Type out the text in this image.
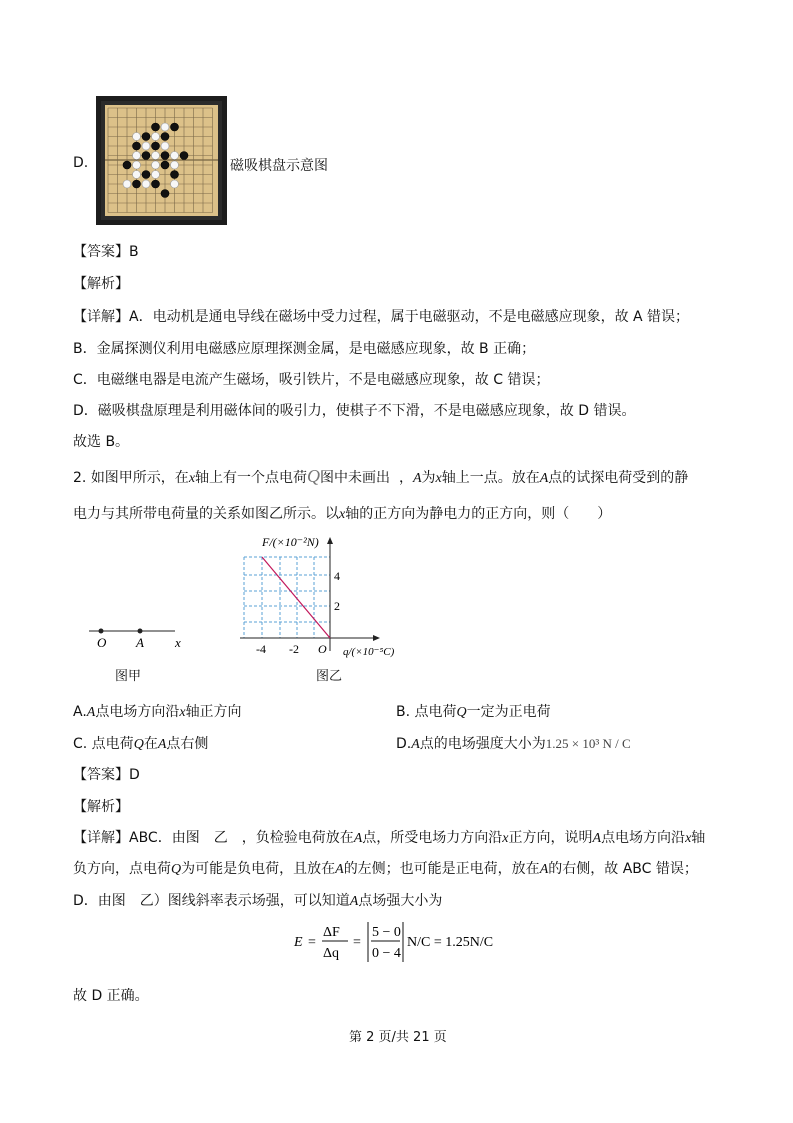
D.	磁吸棋盘示意图
【答案】B
【解析】
【详解】A．电动机是通电导线在磁场中受力过程，属于电磁驱动，不是电磁感应现象，故 A 错误；
B．金属探测仪利用电磁感应原理探测金属，是电磁感应现象，故 B 正确；
C．电磁继电器是电流产生磁场，吸引铁片，不是电磁感应现象，故 C 错误；
D．磁吸棋盘原理是利用磁体间的吸引力，使棋子不下滑，不是电磁感应现象，故 D 错误。
故选 B。
2. 如图甲所示，在x轴上有一个点电荷Q图中未画出 ，A为x轴上一点。放在A点的试探电荷受到的静
电力与其所带电荷量的关系如图乙所示。以x轴的正方向为静电力的正方向，则（　　）
O A x
图甲
F/(×10⁻²N)
4
2
-4 -2 O q/(×10⁻⁵C)
图乙
A.A点电场方向沿x轴正方向	B. 点电荷Q一定为正电荷
C. 点电荷Q在A点右侧	D.A点的电场强度大小为1.25 × 10³ N / C
【答案】D
【解析】
【详解】ABC．由图　乙　，负检验电荷放在A点，所受电场力方向沿x正方向，说明A点电场方向沿x轴
负方向，点电荷Q为可能是负电荷，且放在A的左侧；也可能是正电荷，放在A的右侧，故 ABC 错误；
D．由图　乙）图线斜率表示场强，可以知道A点场强大小为
E =
ΔF
Δq
=
5 − 0
0 − 4
N/C = 1.25N/C
故 D 正确。
第 2 页/共 21 页
